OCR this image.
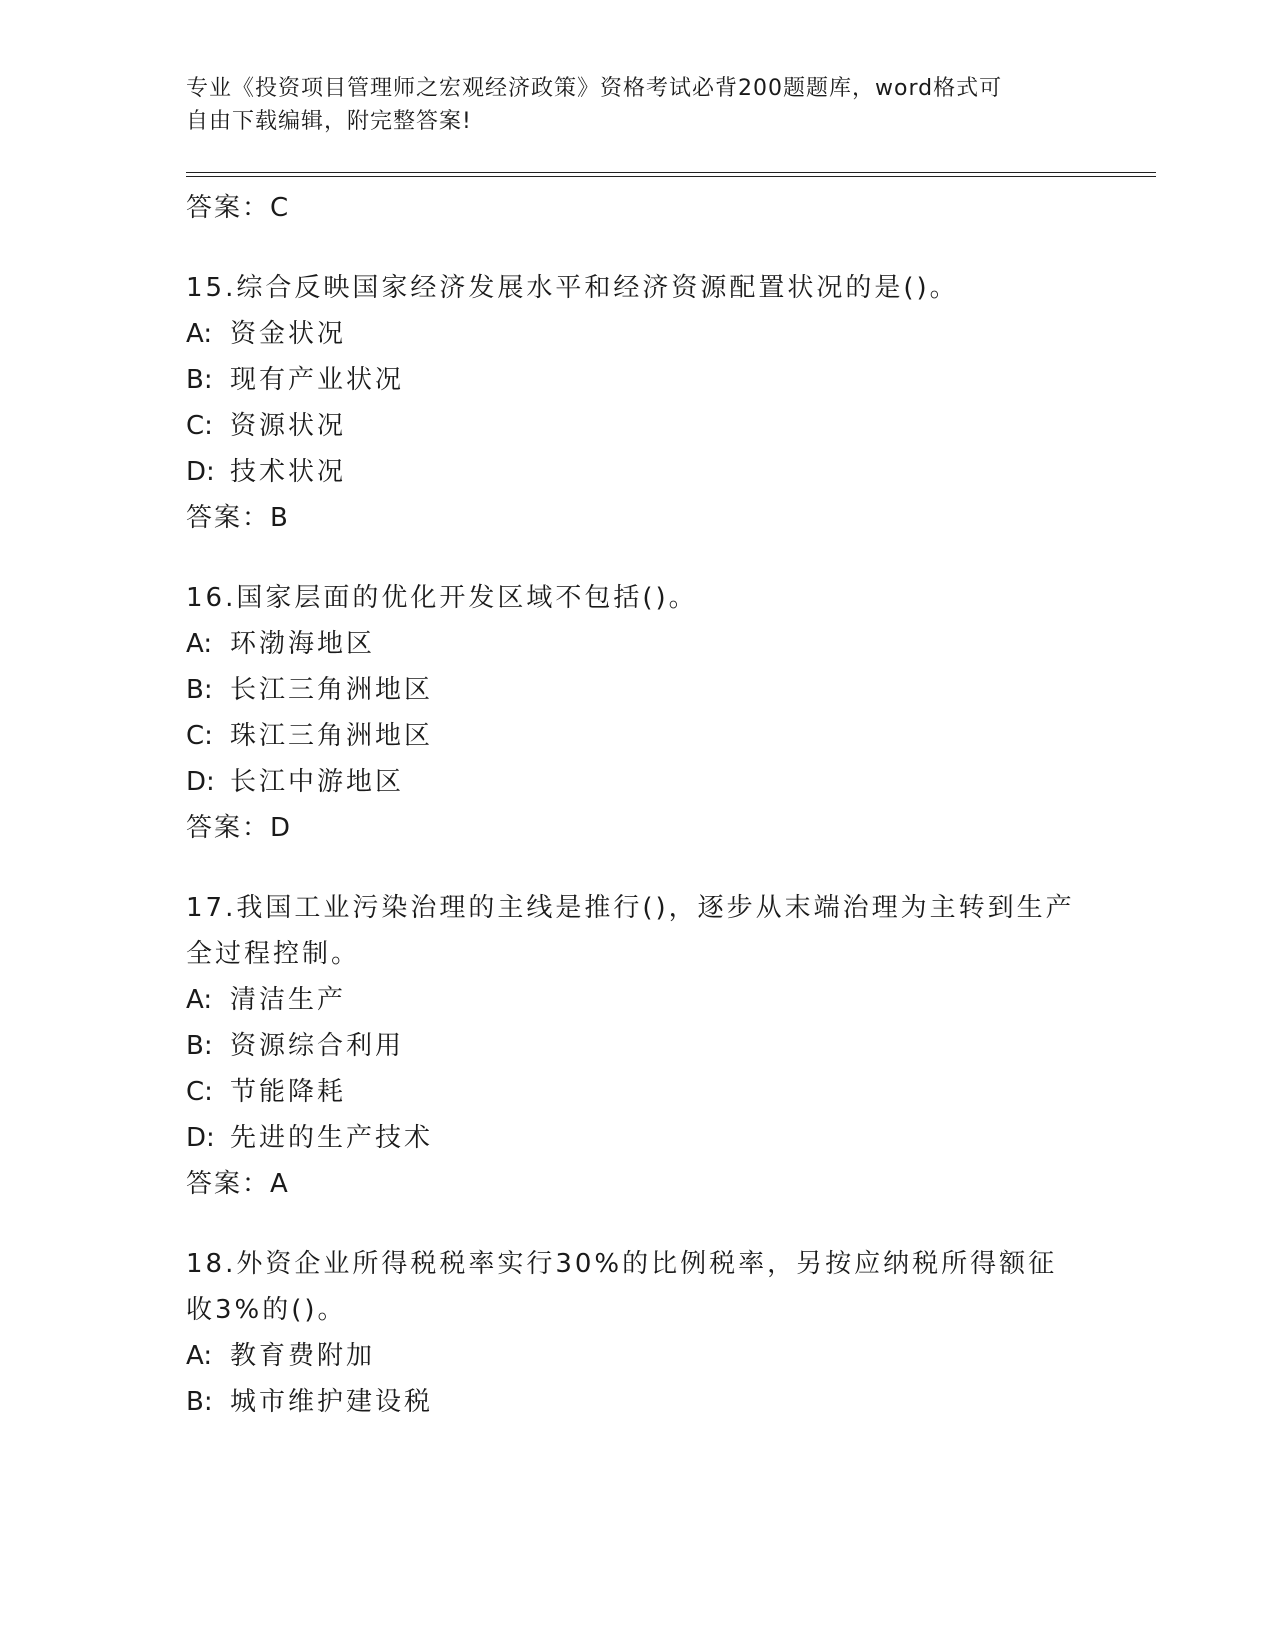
专业《投资项目管理师之宏观经济政策》资格考试必背200题题库，word格式可
自由下载编辑，附完整答案!

答案：C

15.综合反映国家经济发展水平和经济资源配置状况的是()。

A: 资金状况

B: 现有产业状况

C: 资源状况

D: 技术状况

答案：B

16.国家层面的优化开发区域不包括()。

A: 环渤海地区

B: 长江三角洲地区

C: 珠江三角洲地区

D: 长江中游地区

答案：D

17.我国工业污染治理的主线是推行()，逐步从末端治理为主转到生产全过程控制。

A: 清洁生产

B: 资源综合利用

C: 节能降耗

D: 先进的生产技术

答案：A

18.外资企业所得税税率实行30%的比例税率，另按应纳税所得额征收3%的()。

A: 教育费附加

B: 城市维护建设税
